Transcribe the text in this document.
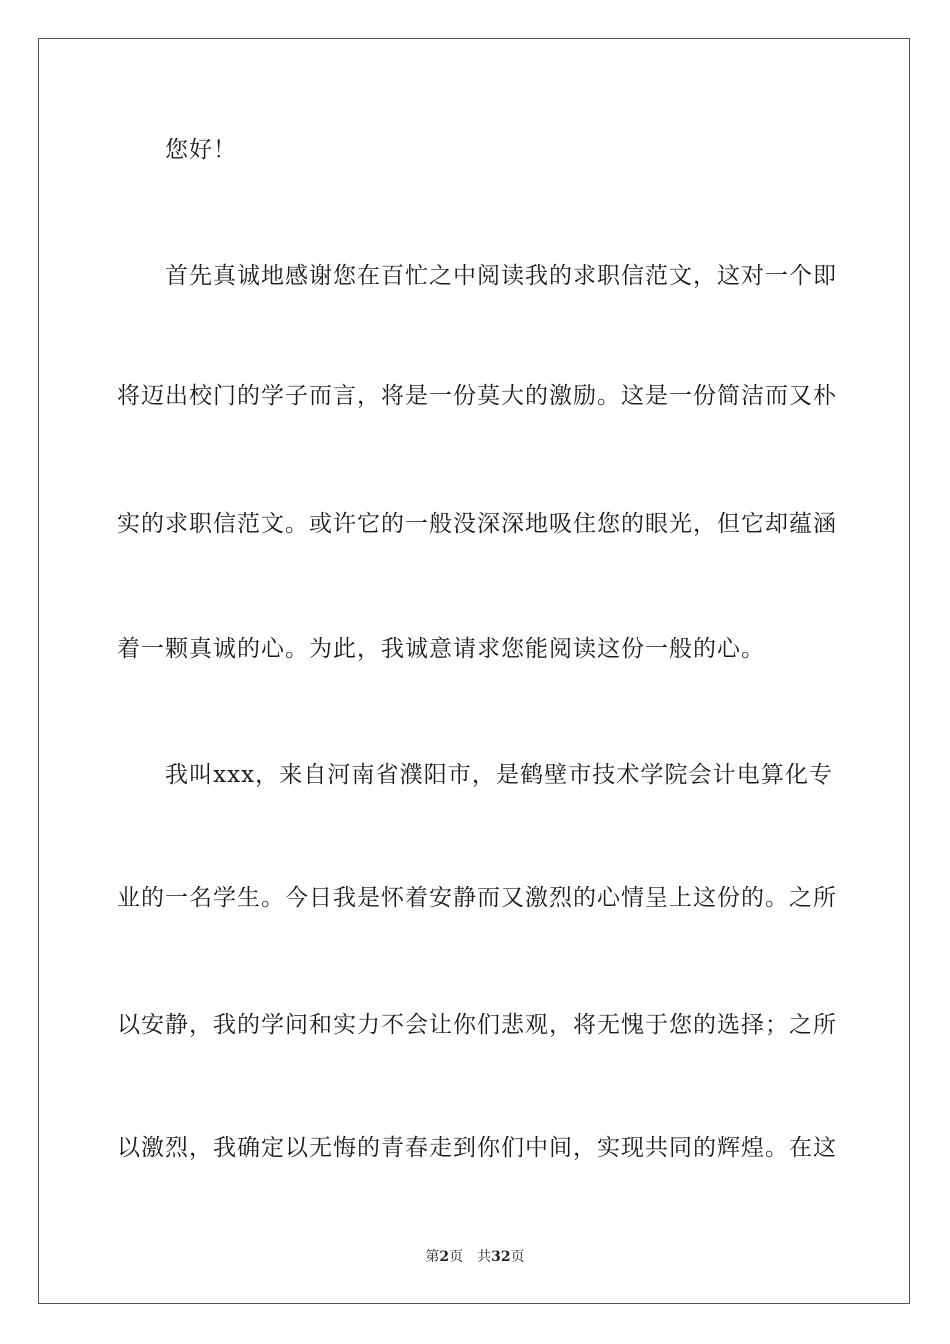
您好！
首先真诚地感谢您在百忙之中阅读我的求职信范文，这对一个即
将迈出校门的学子而言，将是一份莫大的激励。这是一份简洁而又朴
实的求职信范文。或许它的一般没深深地吸住您的眼光，但它却蕴涵
着一颗真诚的心。为此，我诚意请求您能阅读这份一般的心。
我叫xxx，来自河南省濮阳市，是鹤壁市技术学院会计电算化专
业的一名学生。今日我是怀着安静而又激烈的心情呈上这份的。之所
以安静，我的学问和实力不会让你们悲观，将无愧于您的选择；之所
以激烈，我确定以无悔的青春走到你们中间，实现共同的辉煌。在这
第2页 共32页
